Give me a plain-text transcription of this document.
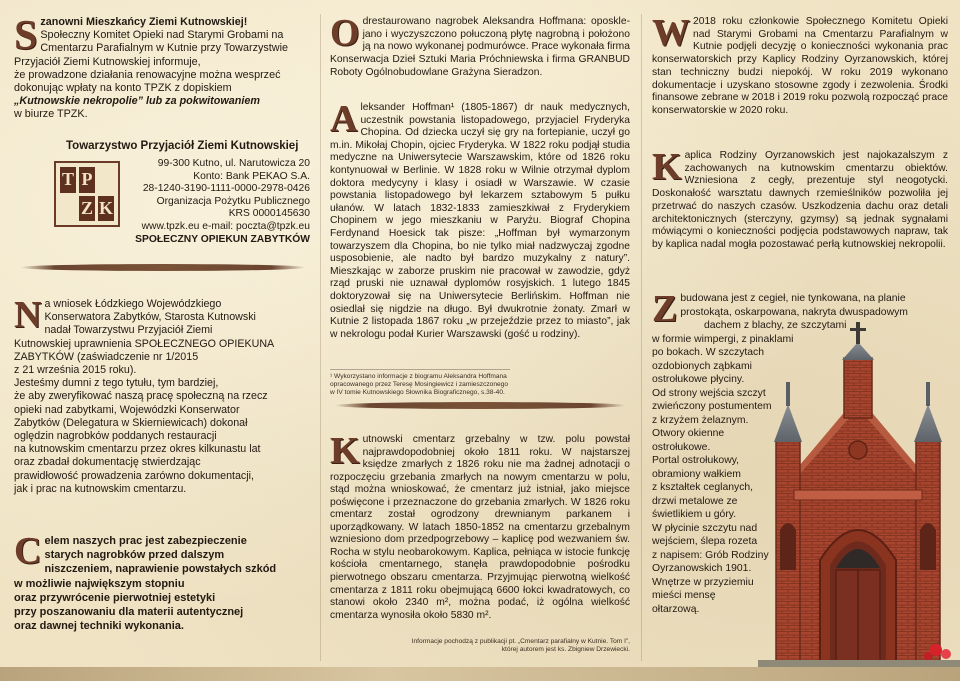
S zanowni Mieszkańcy Ziemi Kutnowskiej!
Społeczny Komitet Opieki nad Starymi Grobami na
Cmentarzu Parafialnym w Kutnie przy Towarzystwie
Przyjaciół Ziemi Kutnowskiej informuje,
że prowadzone działania renowacyjne można wesprzeć
dokonując wpłaty na konto TPZK z dopiskiem
„Kutnowskie nekropolie” lub za pokwitowaniem
w biurze TPZK.
Towarzystwo Przyjaciół Ziemi Kutnowskiej
T P
Z K
99-300 Kutno, ul. Narutowicza 20
Konto: Bank PEKAO S.A.
28-1240-3190-1111-0000-2978-0426
Organizacja Pożytku Publicznego
KRS 0000145630
www.tpzk.eu e-mail: poczta@tpzk.eu
SPOŁECZNY OPIEKUN ZABYTKÓW
N a wniosek Łódzkiego Wojewódzkiego
Konserwatora Zabytków, Starosta Kutnowski
nadał Towarzystwu Przyjaciół Ziemi
Kutnowskiej uprawnienia SPOŁECZNEGO OPIEKUNA
ZABYTKÓW (zaświadczenie nr 1/2015
z 21 września 2015 roku).
Jesteśmy dumni z tego tytułu, tym bardziej,
że aby zweryfikować naszą pracę społeczną na rzecz
opieki nad zabytkami, Wojewódzki Konserwator
Zabytków (Delegatura w Skierniewicach) dokonał
oględzin nagrobków poddanych restauracji
na kutnowskim cmentarzu przez okres kilkunastu lat
oraz zbadał dokumentację stwierdzając
prawidłowość prowadzenia zarówno dokumentacji,
jak i prac na kutnowskim cmentarzu.
C elem naszych prac jest zabezpieczenie
starych nagrobków przed dalszym
niszczeniem, naprawienie powstałych szkód
w możliwie największym stopniu
oraz przywrócenie pierwotniej estetyki
przy poszanowaniu dla materii autentycznej
oraz dawnej techniki wykonania.
O drestaurowano nagrobek Aleksandra Hoffmana: oposklejano i wyczyszczono połuczoną płytę nagrobną i położono ją na nowo wykonanej podmurówce. Prace wykonała firma Konserwacja Dzieł Sztuki Maria Próchniewska i firma GRANBUD Roboty Ogólnobudowlane Grażyna Sieradzon.
A leksander Hoffman¹ (1805-1867) dr nauk medycznych, uczestnik powstania listopadowego, przyjaciel Fryderyka Chopina. Od dziecka uczył się gry na fortepianie, uczył go m.in. Mikołaj Chopin, ojciec Fryderyka. W 1822 roku podjął studia medyczne na Uniwersytecie Warszawskim, które od 1826 roku kontynuował w Berlinie. W 1828 roku w Wilnie otrzymał dyplom doktora medycyny i klasy i osiadł w Warszawie. W czasie powstania listopadowego był lekarzem sztabowym 5 pułku ułanów. W latach 1832-1833 zamieszkiwał z Fryderykiem Chopinem w jego mieszkaniu w Paryżu. Biograf Chopina Ferdynand Hoesick tak pisze: „Hoffman był wymarzonym towarzyszem dla Chopina, bo nie tylko miał nadzwyczaj zgodne usposobienie, ale nadto był bardzo muzykalny z natury”. Mieszkając w zaborze pruskim nie pracował w zawodzie, gdyż rząd pruski nie uznawał dyplomów rosyjskich. 1 lutego 1845 doktoryzował się na Uniwersytecie Berlińskim. Hoffman nie osiedlał się nigdzie na długo. Był dwukrotnie żonaty. Zmarł w Kutnie 2 listopada 1867 roku „w przejeździe przez to miasto”, jak w nekrologu podał Kurier Warszawski (gość u rodziny).
¹ Wykorzystano informacje z biogramu Aleksandra Hoffmana opracowanego przez Teresę Mosingiewicz i zamieszczonego w IV tomie Kutnowskiego Słownika Biograficznego, s.38-40.
K utnowski cmentarz grzebalny w tzw. polu powstał najprawdopodobniej około 1811 roku. W najstarszej księdze zmarłych z 1826 roku nie ma żadnej adnotacji o rozpoczęciu grzebania zmarłych na nowym cmentarzu w polu, stąd można wnioskować, że cmentarz już istniał, jako miejsce poświęcone i przeznaczone do grzebania zmarłych. W 1826 roku cmentarz został ogrodzony drewnianym parkanem i uporządkowany. W latach 1850-1852 na cmentarzu grzebalnym wzniesiono dom przedpogrzebowy – kaplicę pod wezwaniem św. Rocha w stylu neobarokowym. Kaplica, pełniąca w istocie funkcję kościoła cmentarnego, stanęła prawdopodobnie pośrodku pierwotnego obszaru cmentarza. Przyjmując pierwotną wielkość cmentarza z 1811 roku obejmującą 6600 łokci kwadratowych, co stanowi około 2340 m², można podać, iż ogólna wielkość cmentarza wynosiła około 5830 m².
Informacje pochodzą z publikacji pt. „Cmentarz parafialny w Kutnie. Tom I”,
której autorem jest ks. Zbigniew Drzewiecki.
W 2018 roku członkowie Społecznego Komitetu Opieki nad Starymi Grobami na Cmentarzu Parafialnym w Kutnie podjęli decyzję o konieczności wykonania prac konserwatorskich przy Kaplicy Rodziny Oyrzanowskich, której stan techniczny budzi niepokój. W roku 2019 wykonano dokumentacje i uzyskano stosowne zgody i zezwolenia. Środki finansowe zebrane w 2018 i 2019 roku pozwolą rozpocząć prace konserwatorskie w 2020 roku.
K aplica Rodziny Oyrzanowskich jest najokazalszym z zachowanych na kutnowskim cmentarzu obiektów. Wzniesiona z cegły, prezentuje styl neogotycki. Doskonałość warsztatu dawnych rzemieślników pozwoliła jej przetrwać do naszych czasów. Uszkodzenia dachu oraz detali architektonicznych (sterczyny, gzymsy) są jednak sygnałami mówiącymi o konieczności podjęcia podstawowych napraw, tak by kaplica nadal mogła pozostawać perłą kutnowskiej nekropolii.
Z budowana jest z cegieł, nie tynkowana, na planie
prostokąta, oskarpowana, nakryta dwuspadowym
dachem z blachy, ze szczytami
w formie wimpergi, z pinaklami
po bokach. W szczytach
ozdobionych ząbkami
ostrołukowe płyciny.
Od strony wejścia szczyt
zwieńczony postumentem
z krzyżem żelaznym.
Otwory okienne
ostrołukowe.
Portal ostrołukowy,
obramiony wałkiem
z kształtek ceglanych,
drzwi metalowe ze
świetlikiem u góry.
W płycinie szczytu nad
wejściem, ślepa rozeta
z napisem: Grób Rodziny
Oyrzanowskich 1901.
Wnętrze w przyziemiu
mieści mensę
ołtarzową.
